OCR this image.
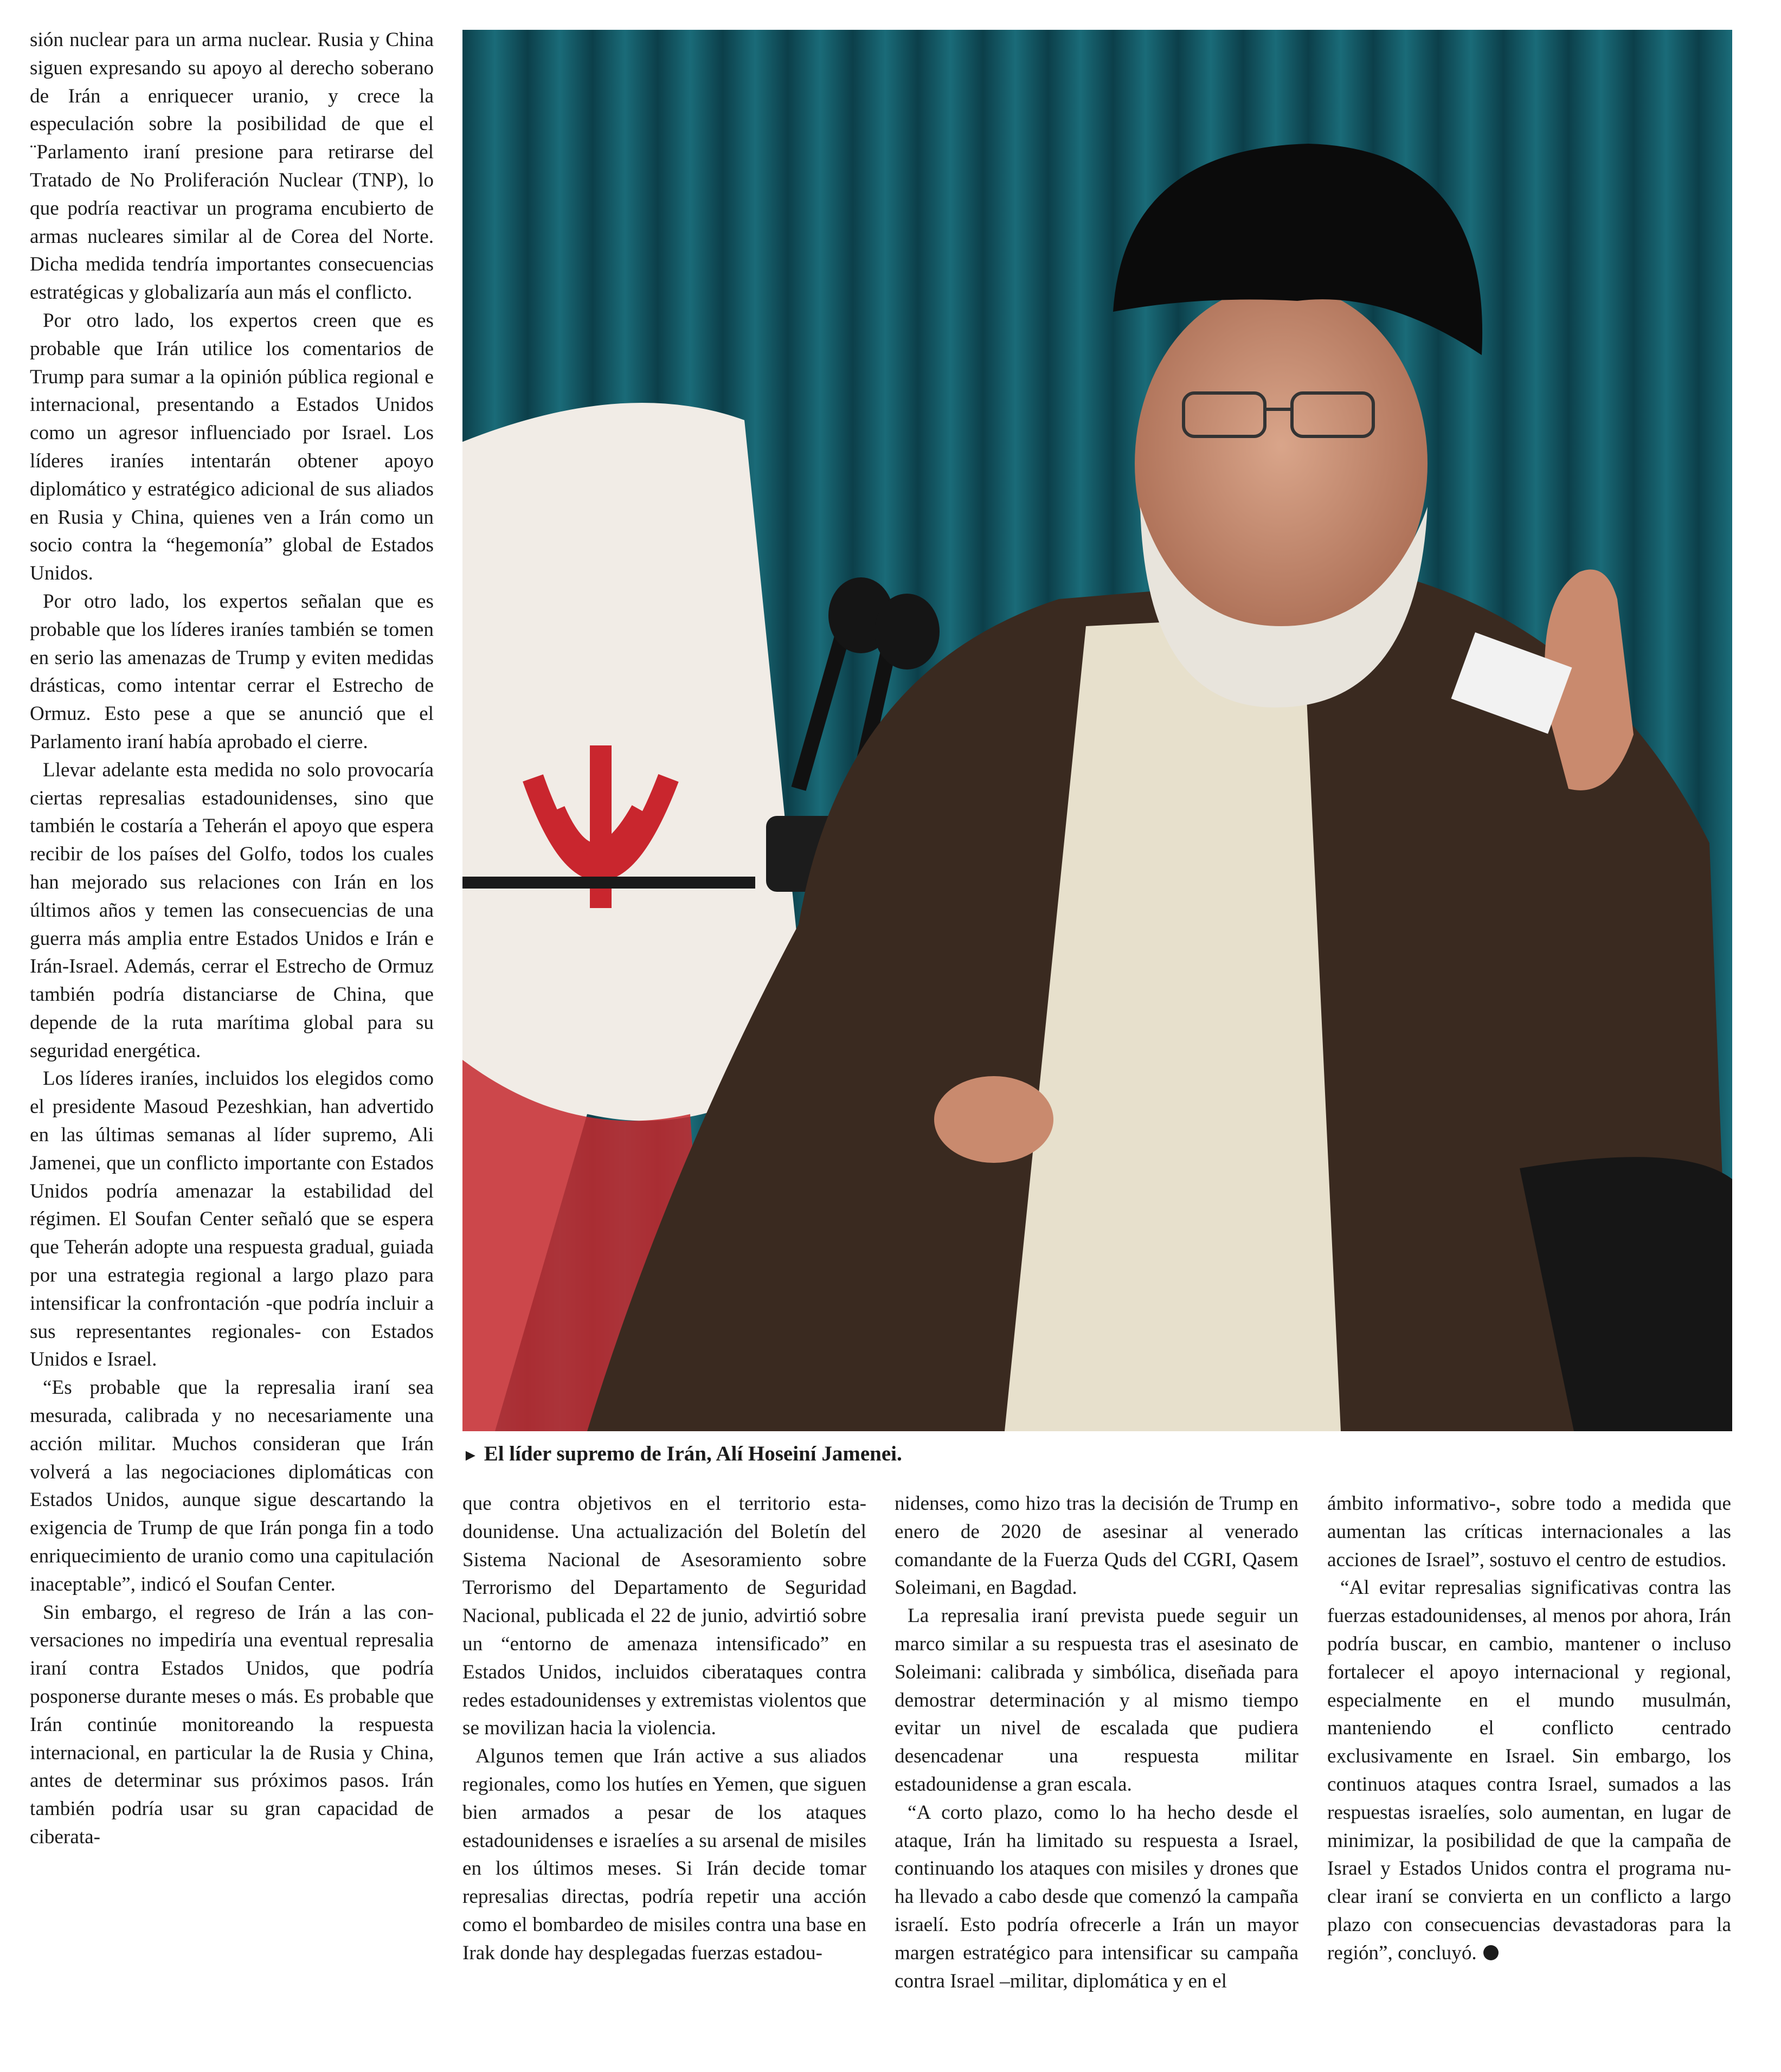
sión nuclear para un arma nuclear. Rusia y China siguen expresando su apoyo al derecho soberano de Irán a enriquecer uranio, y crece la especulación sobre la posibilidad de que el ¨Parlamento iraní presione para retirarse del Tratado de No Proliferación Nuclear (TNP), lo que podría reactivar un programa encubierto de armas nucleares similar al de Corea del Norte. Dicha medida tendría importantes consecuencias estratégicas y globalizaría aun más el conflicto.

Por otro lado, los expertos creen que es probable que Irán utilice los comentarios de Trump para sumar a la opinión pública regional e internacional, presentando a Estados Unidos como un agresor influenciado por Israel. Los líderes iraníes intentarán obtener apoyo diplomático y estratégico adicional de sus aliados en Rusia y China, quienes ven a Irán como un socio contra la “hegemonía” global de Estados Unidos.

Por otro lado, los expertos señalan que es probable que los líderes iraníes también se tomen en serio las amenazas de Trump y eviten medidas drásticas, como intentar cerrar el Estrecho de Ormuz. Esto pese a que se anunció que el Parlamento iraní había aprobado el cierre.

Llevar adelante esta medida no solo provocaría ciertas represalias estadounidenses, sino que también le costaría a Teherán el apoyo que espera recibir de los países del Golfo, todos los cuales han mejorado sus relaciones con Irán en los últimos años y temen las consecuencias de una guerra más amplia entre Estados Unidos e Irán e Irán-Israel. Además, cerrar el Estrecho de Ormuz también podría distanciarse de China, que depende de la ruta marítima global para su seguridad energética.

Los líderes iraníes, incluidos los elegidos como el presidente Masoud Pezeshkian, han advertido en las últimas semanas al líder supremo, Ali Jamenei, que un conflicto importante con Estados Unidos podría amenazar la estabilidad del régimen. El Soufan Center señaló que se espera que Teherán adopte una respuesta gradual, guiada por una estrategia regional a largo plazo para intensificar la confrontación -que podría incluir a sus representantes regionales- con Estados Unidos e Israel.

“Es probable que la represalia iraní sea mesurada, calibrada y no necesariamente una acción militar. Muchos consideran que Irán volverá a las negociaciones diplomáticas con Estados Unidos, aunque sigue descartando la exigencia de Trump de que Irán ponga fin a todo enriquecimiento de uranio como una capitulación inaceptable”, indicó el Soufan Center.

Sin embargo, el regreso de Irán a las conversaciones no impediría una eventual represalia iraní contra Estados Unidos, que podría posponerse durante meses o más. Es probable que Irán continúe monitoreando la respuesta internacional, en particular la de Rusia y China, antes de determinar sus próximos pasos. Irán también podría usar su gran capacidad de ciberata-

► El líder supremo de Irán, Alí Hoseiní Jamenei.

que contra objetivos en el territorio estadounidense. Una actualización del Boletín del Sistema Nacional de Asesoramiento sobre Terrorismo del Departamento de Seguridad Nacional, publicada el 22 de junio, advirtió sobre un “entorno de amenaza intensificado” en Estados Unidos, incluidos ciberataques contra redes estadounidenses y extremistas violentos que se movilizan hacia la violencia.

Algunos temen que Irán active a sus aliados regionales, como los hutíes en Yemen, que siguen bien armados a pesar de los ataques estadounidenses e israelíes a su arsenal de misiles en los últimos meses. Si Irán decide tomar represalias directas, podría repetir una acción como el bombardeo de misiles contra una base en Irak donde hay desplegadas fuerzas estadou-

nidenses, como hizo tras la decisión de Trump en enero de 2020 de asesinar al venerado comandante de la Fuerza Quds del CGRI, Qasem Soleimani, en Bagdad.

La represalia iraní prevista puede seguir un marco similar a su respuesta tras el asesinato de Soleimani: calibrada y simbólica, diseñada para demostrar determinación y al mismo tiempo evitar un nivel de escalada que pudiera desencadenar una respuesta militar estadounidense a gran escala.

“A corto plazo, como lo ha hecho desde el ataque, Irán ha limitado su respuesta a Israel, continuando los ataques con misiles y drones que ha llevado a cabo desde que comenzó la campaña israelí. Esto podría ofrecerle a Irán un mayor margen estratégico para intensificar su campaña contra Israel –militar, diplomática y en el

ámbito informativo-, sobre todo a medida que aumentan las críticas internacionales a las acciones de Israel”, sostuvo el centro de estudios.

“Al evitar represalias significativas contra las fuerzas estadounidenses, al menos por ahora, Irán podría buscar, en cambio, mantener o incluso fortalecer el apoyo internacional y regional, especialmente en el mundo musulmán, manteniendo el conflicto centrado exclusivamente en Israel. Sin embargo, los continuos ataques contra Israel, sumados a las respuestas israelíes, solo aumentan, en lugar de minimizar, la posibilidad de que la campaña de Israel y Estados Unidos contra el programa nuclear iraní se convierta en un conflicto a largo plazo con consecuencias devastadoras para la región”, concluyó.
